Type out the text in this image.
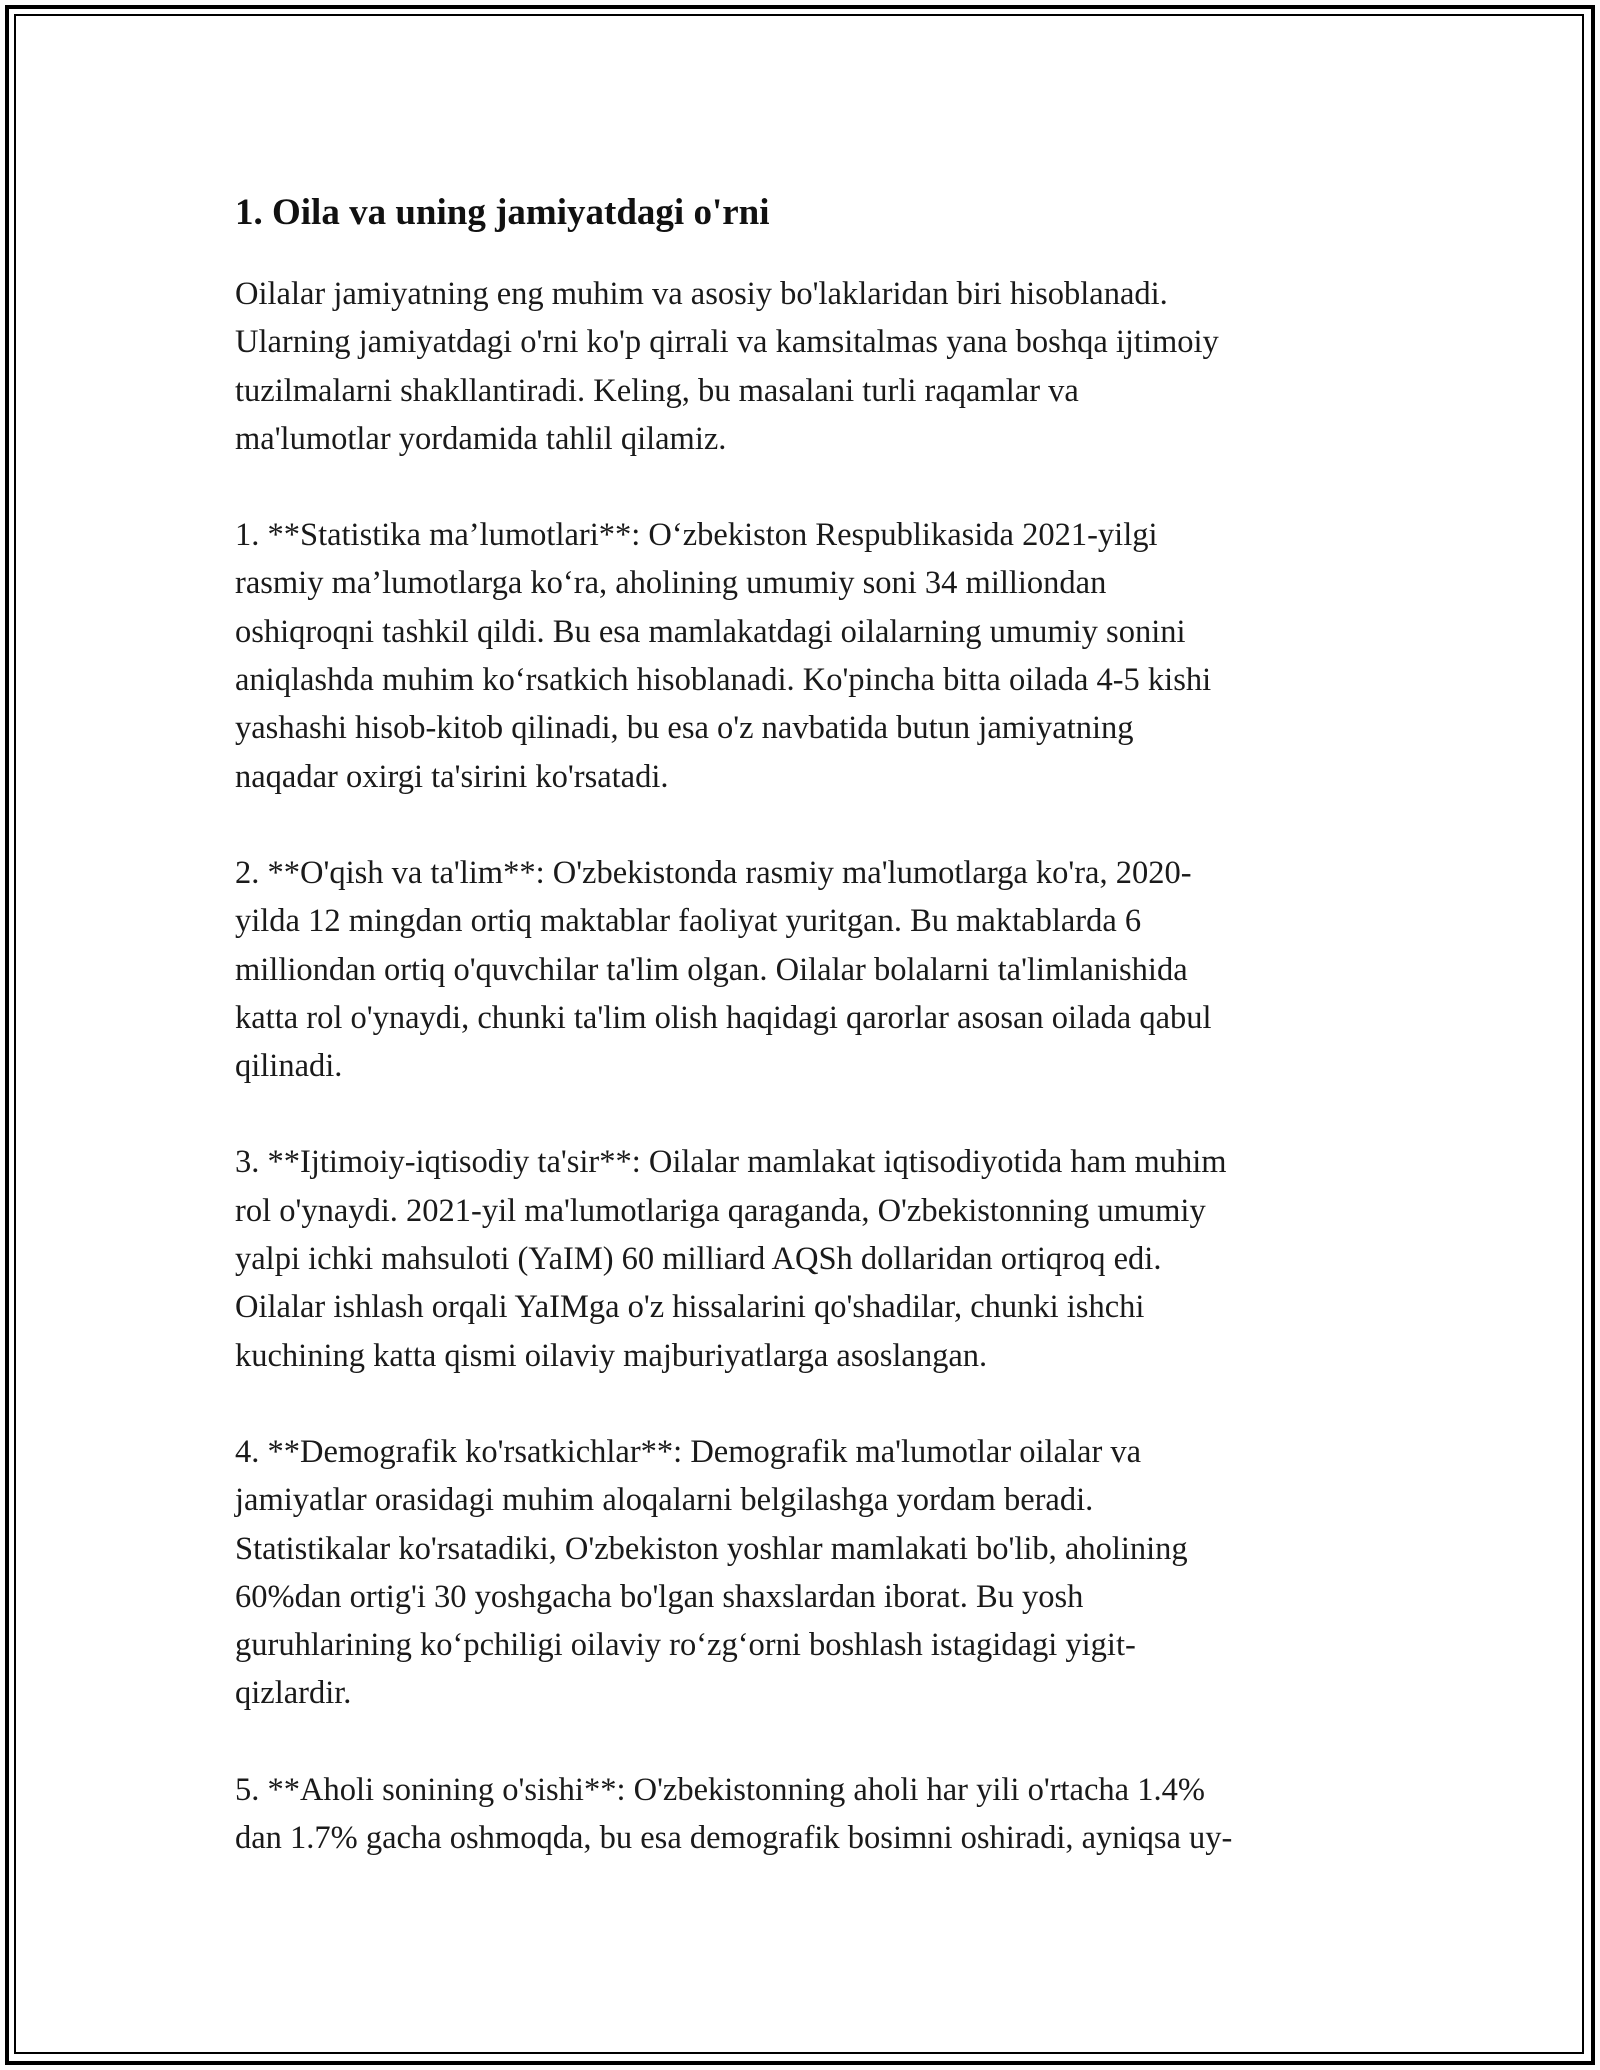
1. Oila va uning jamiyatdagi o'rni

Oilalar jamiyatning eng muhim va asosiy bo'laklaridan biri hisoblanadi.
Ularning jamiyatdagi o'rni ko'p qirrali va kamsitalmas yana boshqa ijtimoiy
tuzilmalarni shakllantiradi. Keling, bu masalani turli raqamlar va
ma'lumotlar yordamida tahlil qilamiz.

1. **Statistika ma’lumotlari**: O‘zbekiston Respublikasida 2021-yilgi
rasmiy ma’lumotlarga ko‘ra, aholining umumiy soni 34 milliondan
oshiqroqni tashkil qildi. Bu esa mamlakatdagi oilalarning umumiy sonini
aniqlashda muhim ko‘rsatkich hisoblanadi. Ko'pincha bitta oilada 4-5 kishi
yashashi hisob-kitob qilinadi, bu esa o'z navbatida butun jamiyatning
naqadar oxirgi ta'sirini ko'rsatadi.

2. **O'qish va ta'lim**: O'zbekistonda rasmiy ma'lumotlarga ko'ra, 2020-
yilda 12 mingdan ortiq maktablar faoliyat yuritgan. Bu maktablarda 6
milliondan ortiq o'quvchilar ta'lim olgan. Oilalar bolalarni ta'limlanishida
katta rol o'ynaydi, chunki ta'lim olish haqidagi qarorlar asosan oilada qabul
qilinadi.

3. **Ijtimoiy-iqtisodiy ta'sir**: Oilalar mamlakat iqtisodiyotida ham muhim
rol o'ynaydi. 2021-yil ma'lumotlariga qaraganda, O'zbekistonning umumiy
yalpi ichki mahsuloti (YaIM) 60 milliard AQSh dollaridan ortiqroq edi.
Oilalar ishlash orqali YaIMga o'z hissalarini qo'shadilar, chunki ishchi
kuchining katta qismi oilaviy majburiyatlarga asoslangan.

4. **Demografik ko'rsatkichlar**: Demografik ma'lumotlar oilalar va
jamiyatlar orasidagi muhim aloqalarni belgilashga yordam beradi.
Statistikalar ko'rsatadiki, O'zbekiston yoshlar mamlakati bo'lib, aholining
60%dan ortig'i 30 yoshgacha bo'lgan shaxslardan iborat. Bu yosh
guruhlarining ko‘pchiligi oilaviy ro‘zg‘orni boshlash istagidagi yigit-
qizlardir.

5. **Aholi sonining o'sishi**: O'zbekistonning aholi har yili o'rtacha 1.4%
dan 1.7% gacha oshmoqda, bu esa demografik bosimni oshiradi, ayniqsa uy-
